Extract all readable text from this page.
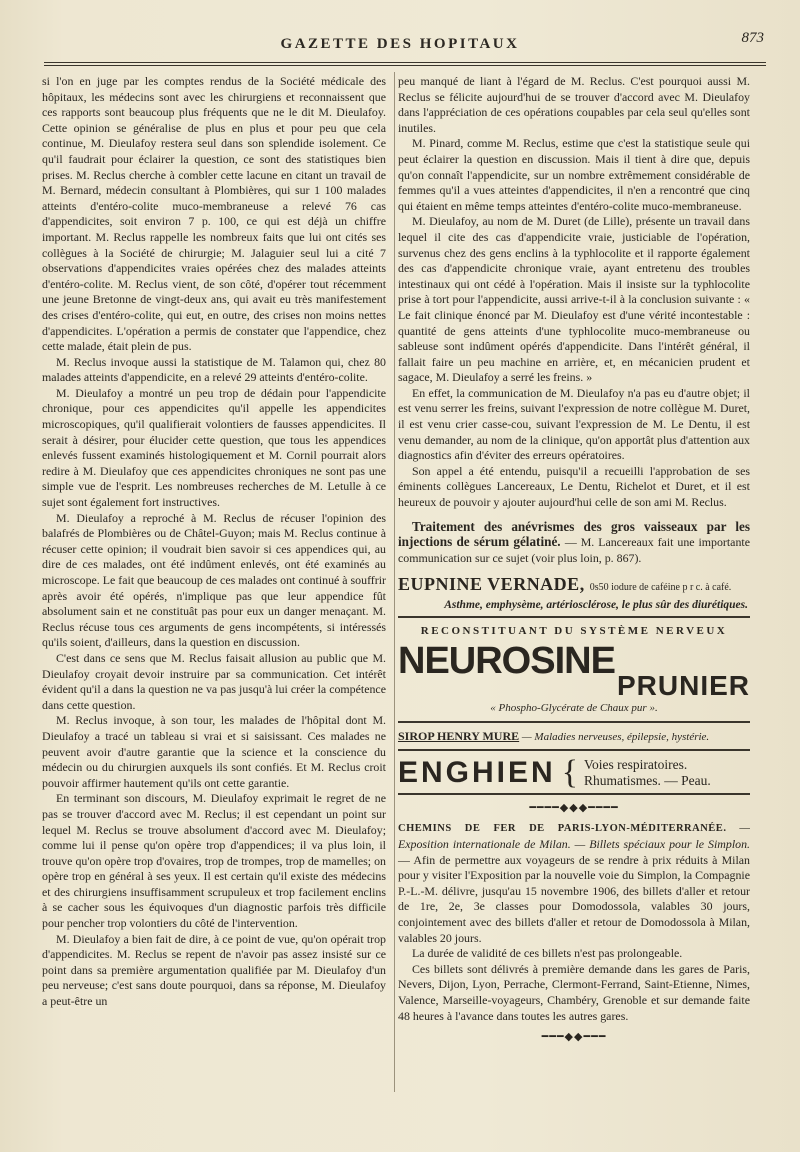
GAZETTE DES HOPITAUX	873

si l'on en juge par les comptes rendus de la Société médicale des hôpitaux, les médecins sont avec les chirurgiens et reconnaissent que ces rapports sont beaucoup plus fréquents que ne le dit M. Dieulafoy. Cette opinion se généralise de plus en plus et pour peu que cela continue, M. Dieulafoy restera seul dans son splendide isolement. Ce qu'il faudrait pour éclairer la question, ce sont des statistiques bien prises. M. Reclus cherche à combler cette lacune en citant un travail de M. Bernard, médecin consultant à Plombières, qui sur 1 100 malades atteints d'entéro-colite muco-membraneuse a relevé 76 cas d'appendicites, soit environ 7 p. 100, ce qui est déjà un chiffre important. M. Reclus rappelle les nombreux faits que lui ont cités ses collègues à la Société de chirurgie; M. Jalaguier seul lui a cité 7 observations d'appendicites vraies opérées chez des malades atteints d'entéro-colite. M. Reclus vient, de son côté, d'opérer tout récemment une jeune Bretonne de vingt-deux ans, qui avait eu très manifestement des crises d'entéro-colite, qui eut, en outre, des crises non moins nettes d'appendicites. L'opération a permis de constater que l'appendice, chez cette malade, était plein de pus.

M. Reclus invoque aussi la statistique de M. Talamon qui, chez 80 malades atteints d'appendicite, en a relevé 29 atteints d'entéro-colite.

M. Dieulafoy a montré un peu trop de dédain pour l'appendicite chronique, pour ces appendicites qu'il appelle les appendicites microscopiques, qu'il qualifierait volontiers de fausses appendicites. Il serait à désirer, pour élucider cette question, que tous les appendices enlevés fussent examinés histologiquement et M. Cornil pourrait alors redire à M. Dieulafoy que ces appendicites chroniques ne sont pas une simple vue de l'esprit. Les nombreuses recherches de M. Letulle à ce sujet sont également fort instructives.

M. Dieulafoy a reproché à M. Reclus de récuser l'opinion des balafrés de Plombières ou de Châtel-Guyon; mais M. Reclus continue à récuser cette opinion; il voudrait bien savoir si ces appendices qui, au dire de ces malades, ont été indûment enlevés, ont été examinés au microscope. Le fait que beaucoup de ces malades ont continué à souffrir après avoir été opérés, n'implique pas que leur appendice fût absolument sain et ne constituât pas pour eux un danger menaçant. M. Reclus récuse tous ces arguments de gens incompétents, si intéressés qu'ils soient, d'ailleurs, dans la question en discussion.

C'est dans ce sens que M. Reclus faisait allusion au public que M. Dieulafoy croyait devoir instruire par sa communication. Cet intérêt évident qu'il a dans la question ne va pas jusqu'à lui créer la compétence dans cette question.

M. Reclus invoque, à son tour, les malades de l'hôpital dont M. Dieulafoy a tracé un tableau si vrai et si saisissant. Ces malades ne peuvent avoir d'autre garantie que la science et la conscience du médecin ou du chirurgien auxquels ils sont confiés. Et M. Reclus croit pouvoir affirmer hautement qu'ils ont cette garantie.

En terminant son discours, M. Dieulafoy exprimait le regret de ne pas se trouver d'accord avec M. Reclus; il est cependant un point sur lequel M. Reclus se trouve absolument d'accord avec M. Dieulafoy; comme lui il pense qu'on opère trop d'appendices; il va plus loin, il trouve qu'on opère trop d'ovaires, trop de trompes, trop de mamelles; on opère trop en général à ses yeux. Il est certain qu'il existe des médecins et des chirurgiens insuffisamment scrupuleux et trop facilement enclins à se cacher sous les équivoques d'un diagnostic parfois très difficile pour pencher trop volontiers du côté de l'intervention.

M. Dieulafoy a bien fait de dire, à ce point de vue, qu'on opérait trop d'appendicites. M. Reclus se repent de n'avoir pas assez insisté sur ce point dans sa première argumentation qualifiée par M. Dieulafoy d'un peu nerveuse; c'est sans doute pourquoi, dans sa réponse, M. Dieulafoy a peut-être un

peu manqué de liant à l'égard de M. Reclus. C'est pourquoi aussi M. Reclus se félicite aujourd'hui de se trouver d'accord avec M. Dieulafoy dans l'appréciation de ces opérations coupables par cela seul qu'elles sont inutiles.

M. Pinard, comme M. Reclus, estime que c'est la statistique seule qui peut éclairer la question en discussion. Mais il tient à dire que, depuis qu'on connaît l'appendicite, sur un nombre extrêmement considérable de femmes qu'il a vues atteintes d'appendicites, il n'en a rencontré que cinq qui étaient en même temps atteintes d'entéro-colite muco-membraneuse.

M. Dieulafoy, au nom de M. Duret (de Lille), présente un travail dans lequel il cite des cas d'appendicite vraie, justiciable de l'opération, survenus chez des gens enclins à la typhlocolite et il rapporte également des cas d'appendicite chronique vraie, ayant entretenu des troubles intestinaux qui ont cédé à l'opération. Mais il insiste sur la typhlocolite prise à tort pour l'appendicite, aussi arrive-t-il à la conclusion suivante : « Le fait clinique énoncé par M. Dieulafoy est d'une vérité incontestable : quantité de gens atteints d'une typhlocolite muco-membraneuse ou sableuse sont indûment opérés d'appendicite. Dans l'intérêt général, il fallait faire un peu machine en arrière, et, en mécanicien prudent et sagace, M. Dieulafoy a serré les freins. »

En effet, la communication de M. Dieulafoy n'a pas eu d'autre objet; il est venu serrer les freins, suivant l'expression de notre collègue M. Duret, il est venu crier casse-cou, suivant l'expression de M. Le Dentu, il est venu demander, au nom de la clinique, qu'on apportât plus d'attention aux diagnostics afin d'éviter des erreurs opératoires.

Son appel a été entendu, puisqu'il a recueilli l'approbation de ses éminents collègues Lancereaux, Le Dentu, Richelot et Duret, et il est heureux de pouvoir y ajouter aujourd'hui celle de son ami M. Reclus.

Traitement des anévrismes des gros vaisseaux par les injections de sérum gélatiné. — M. Lancereaux fait une importante communication sur ce sujet (voir plus loin, p. 867).
EUPNINE VERNADE, 0s50 iodure de caféine p r c. à café.
Asthme, emphysème, artériosclérose, le plus sûr des diurétiques.
RECONSTITUANT DU SYSTÈME NERVEUX
NEUROSINE
PRUNIER
« Phospho-Glycérate de Chaux pur ».
SIROP HENRY MURE — Maladies nerveuses, épilepsie, hystérie.
ENGHIEN { Voies respiratoires.
Rhumatismes. — Peau.
━━━━◆◆◆━━━━

CHEMINS DE FER DE PARIS-LYON-MÉDITERRANÉE. — Exposition internationale de Milan. — Billets spéciaux pour le Simplon. — Afin de permettre aux voyageurs de se rendre à prix réduits à Milan pour y visiter l'Exposition par la nouvelle voie du Simplon, la Compagnie P.-L.-M. délivre, jusqu'au 15 novembre 1906, des billets d'aller et retour de 1re, 2e, 3e classes pour Domodossola, valables 30 jours, conjointement avec des billets d'aller et retour de Domodossola à Milan, valables 20 jours.

La durée de validité de ces billets n'est pas prolongeable.

Ces billets sont délivrés à première demande dans les gares de Paris, Nevers, Dijon, Lyon, Perrache, Clermont-Ferrand, Saint-Etienne, Nimes, Valence, Marseille-voyageurs, Chambéry, Grenoble et sur demande faite 48 heures à l'avance dans toutes les autres gares.

━━━◆◆━━━
